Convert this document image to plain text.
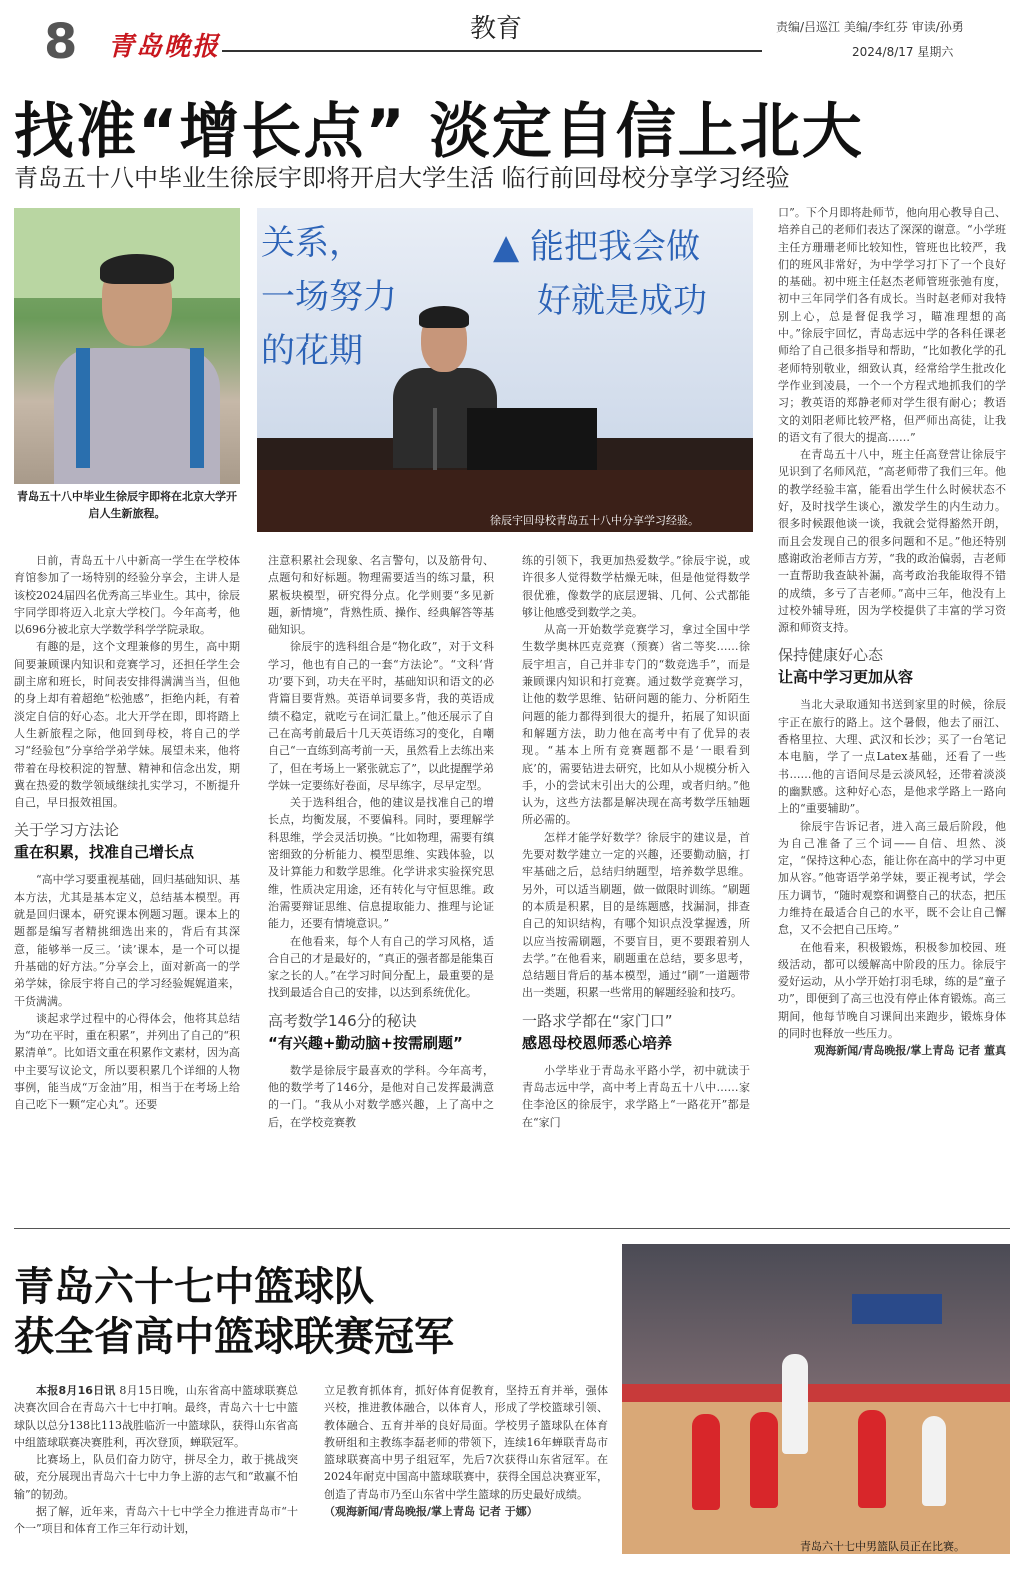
8 青岛晚报
教育	责编/吕巡江 美编/李红芬 审读/孙勇
2024/8/17 星期六
找准“增长点” 淡定自信上北大
青岛五十八中毕业生徐辰宇即将开启大学生活 临行前回母校分享学习经验
青岛五十八中毕业生徐辰宇即将在北京大学开启人生新旅程。
关系，
一场努力
的花期
▲ 能把我会做
好就是成功
徐辰宇回母校青岛五十八中分享学习经验。

日前，青岛五十八中新高一学生在学校体育馆参加了一场特别的经验分享会，主讲人是该校2024届四名优秀高三毕业生。其中，徐辰宇同学即将迈入北京大学校门。今年高考，他以696分被北京大学数学科学学院录取。

有趣的是，这个文理兼修的男生，高中期间要兼顾课内知识和竞赛学习，还担任学生会副主席和班长，时间表安排得满满当当，但他的身上却有着超绝“松弛感”，拒绝内耗，有着淡定自信的好心态。北大开学在即，即将踏上人生新旅程之际，他回到母校，将自己的学习“经验包”分享给学弟学妹。展望未来，他将带着在母校积淀的智慧、精神和信念出发，期冀在热爱的数学领域继续扎实学习，不断提升自己，早日报效祖国。

关于学习方法论
重在积累，找准自己增长点

“高中学习要重视基础，回归基础知识、基本方法，尤其是基本定义，总结基本模型。再就是回归课本，研究课本例题习题。课本上的题都是编写者精挑细选出来的，背后有其深意，能够举一反三。‘读’课本，是一个可以提升基础的好方法。”分享会上，面对新高一的学弟学妹，徐辰宇将自己的学习经验娓娓道来，干货满满。

谈起求学过程中的心得体会，他将其总结为“功在平时，重在积累”，并列出了自己的“积累清单”。比如语文重在积累作文素材，因为高中主要写议论文，所以要积累几个详细的人物事例，能当成“万金油”用，相当于在考场上给自己吃下一颗“定心丸”。还要

注意积累社会现象、名言警句，以及筋骨句、点题句和好标题。物理需要适当的练习量，积累板块模型，研究得分点。化学则要“多见新题，新情境”，背熟性质、操作、经典解答等基础知识。

徐辰宇的选科组合是“物化政”，对于文科学习，他也有自己的一套“方法论”。“文科‘背功’要下到，功夫在平时，基础知识和语文的必背篇目要背熟。英语单词要多背，我的英语成绩不稳定，就吃亏在词汇量上。”他还展示了自己在高考前最后十几天英语练习的变化，自嘲自己“一直练到高考前一天，虽然看上去练出来了，但在考场上一紧张就忘了”，以此提醒学弟学妹一定要练好卷面，尽早练字，尽早定型。

关于选科组合，他的建议是找准自己的增长点，均衡发展，不要偏科。同时，要理解学科思维，学会灵活切换。“比如物理，需要有缜密细致的分析能力、模型思维、实践体验，以及计算能力和数学思维。化学讲求实验探究思维，性质决定用途，还有转化与守恒思维。政治需要辩证思维、信息提取能力、推理与论证能力，还要有情境意识。”

在他看来，每个人有自己的学习风格，适合自己的才是最好的，“真正的强者都是能集百家之长的人。”在学习时间分配上，最重要的是找到最适合自己的安排，以达到系统优化。

高考数学146分的秘诀
“有兴趣+勤动脑+按需刷题”

数学是徐辰宇最喜欢的学科。今年高考，他的数学考了146分，是他对自己发挥最满意的一门。“我从小对数学感兴趣，上了高中之后，在学校竞赛教

练的引领下，我更加热爱数学。”徐辰宇说，或许很多人觉得数学枯燥无味，但是他觉得数学很优雅，像数学的底层逻辑、几何、公式都能够让他感受到数学之美。

从高一开始数学竞赛学习，拿过全国中学生数学奥林匹克竞赛（预赛）省二等奖……徐辰宇坦言，自己并非专门的“数竞选手”，而是兼顾课内知识和打竞赛。通过数学竞赛学习，让他的数学思维、钻研问题的能力、分析陌生问题的能力都得到很大的提升，拓展了知识面和解题方法，助力他在高考中有了优异的表现。“基本上所有竞赛题都不是‘一眼看到底’的，需要钻进去研究，比如从小规模分析入手，小的尝试末引出大的公理，或者归纳。”他认为，这些方法都是解决现在高考数学压轴题所必需的。

怎样才能学好数学？徐辰宇的建议是，首先要对数学建立一定的兴趣，还要勤动脑，打牢基础之后，总结归纳题型，培养数学思维。另外，可以适当刷题，做一做限时训练。“刷题的本质是积累，目的是练题感，找漏洞，排查自己的知识结构，有哪个知识点没掌握透，所以应当按需刷题，不要盲目，更不要跟着别人去学。”在他看来，刷题重在总结，要多思考，总结题目背后的基本模型，通过“刷”一道题带出一类题，积累一些常用的解题经验和技巧。

一路求学都在“家门口”
感恩母校恩师悉心培养

小学毕业于青岛永平路小学，初中就读于青岛志远中学，高中考上青岛五十八中……家住李沧区的徐辰宇，求学路上“一路花开”都是在“家门

口”。下个月即将赴师节，他向用心教导自己、培养自己的老师们表达了深深的谢意。“小学班主任方珊珊老师比较知性，管班也比较严，我们的班风非常好，为中学学习打下了一个良好的基础。初中班主任赵杰老师管班张弛有度，初中三年同学们各有成长。当时赵老师对我特别上心，总是督促我学习，瞄准理想的高中。”徐辰宇回忆，青岛志远中学的各科任课老师给了自己很多指导和帮助，“比如教化学的孔老师特别敬业，细致认真，经常给学生批改化学作业到凌晨，一个一个方程式地抓我们的学习；教英语的郑静老师对学生很有耐心；教语文的刘阳老师比较严格，但严师出高徒，让我的语文有了很大的提高……”

在青岛五十八中，班主任高登营让徐辰宇见识到了名师风范，“高老师带了我们三年。他的教学经验丰富，能看出学生什么时候状态不好，及时找学生谈心，激发学生的内生动力。很多时候跟他谈一谈，我就会觉得豁然开朗，而且会发现自己的很多问题和不足。”他还特别感谢政治老师吉方芳，“我的政治偏弱，吉老师一直帮助我查缺补漏，高考政治我能取得不错的成绩，多亏了吉老师。”高中三年，他没有上过校外辅导班，因为学校提供了丰富的学习资源和师资支持。

保持健康好心态
让高中学习更加从容

当北大录取通知书送到家里的时候，徐辰宇正在旅行的路上。这个暑假，他去了丽江、香格里拉、大理、武汉和长沙；买了一台笔记本电脑，学了一点Latex基础，还看了一些书……他的言语间尽是云淡风轻，还带着淡淡的幽默感。这种好心态，是他求学路上一路向上的“重要辅助”。

徐辰宇告诉记者，进入高三最后阶段，他为自己准备了三个词——自信、坦然、淡定，“保持这种心态，能让你在高中的学习中更加从容。”他寄语学弟学妹，要正视考试，学会压力调节，“随时观察和调整自己的状态，把压力维持在最适合自己的水平，既不会让自己懈怠，又不会把自己压垮。”

在他看来，积极锻炼，积极参加校园、班级活动，都可以缓解高中阶段的压力。徐辰宇爱好运动，从小学开始打羽毛球，练的是“童子功”，即便到了高三也没有停止体育锻炼。高三期间，他每节晚自习课间出来跑步，锻炼身体的同时也释放一些压力。

观海新闻/青岛晚报/掌上青岛 记者 董真

青岛六十七中篮球队
获全省高中篮球联赛冠军

本报8月16日讯 8月15日晚，山东省高中篮球联赛总决赛次回合在青岛六十七中打响。最终，青岛六十七中篮球队以总分138比113战胜临沂一中篮球队，获得山东省高中组篮球联赛决赛胜利，再次登顶，蝉联冠军。

比赛场上，队员们奋力防守，拼尽全力，敢于挑战突破，充分展现出青岛六十七中力争上游的志气和“敢赢不怕输”的韧劲。

据了解，近年来，青岛六十七中学全力推进青岛市“十个一”项目和体育工作三年行动计划，

立足教育抓体育，抓好体育促教育，坚持五育并举，强体兴校，推进教体融合，以体育人，形成了学校篮球引领、教体融合、五育并举的良好局面。学校男子篮球队在体育教研组和主教练李磊老师的带领下，连续16年蝉联青岛市篮球联赛高中男子组冠军，先后7次获得山东省冠军。在2024年耐克中国高中篮球联赛中，获得全国总决赛亚军，创造了青岛市乃至山东省中学生篮球的历史最好成绩。

（观海新闻/青岛晚报/掌上青岛 记者 于娜）

青岛六十七中男篮队员正在比赛。
